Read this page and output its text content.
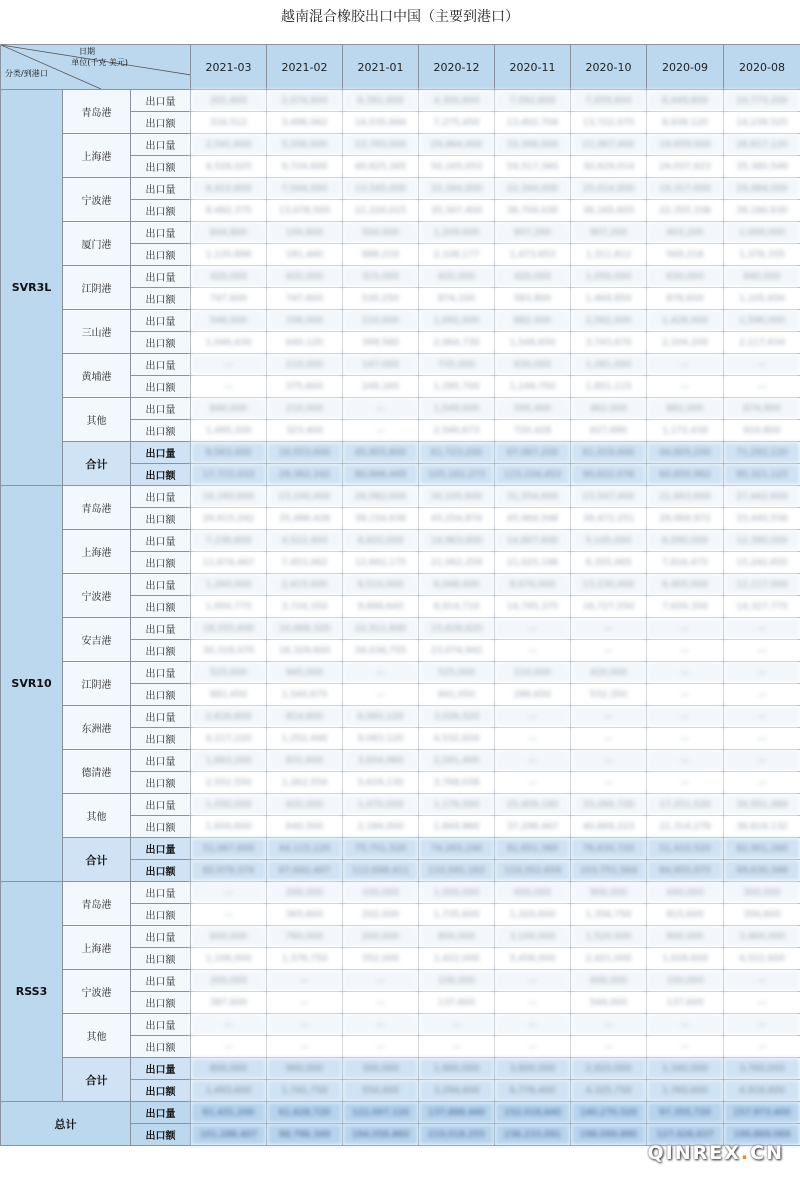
越南混合橡胶出口中国（主要到港口）
日期
单位(千克 美元)
分类/到港口			2021-03	2021-02	2021-01	2020-12	2020-11	2020-10	2020-09	2020-08
SVR3L	青岛港	出口量	201,600	2,074,600	6,391,600	4,300,600	7,092,600	7,659,600	6,449,600	10,773,200
		出口额	316,512	3,496,062	14,535,664	7,275,450	13,402,704	13,722,075	8,939,120	14,239,525
	上海港	出口量	2,541,600	5,556,000	23,793,000	29,464,000	33,306,000	21,067,000	19,659,000	26,617,120
		出口额	4,528,025	9,724,600	40,625,365	50,165,053	54,517,360	30,629,014	24,037,623	35,380,549
	宁波港	出口量	4,410,600	7,544,000	13,545,000	22,344,000	22,344,000	25,014,000	19,317,000	29,484,000
		出口额	8,482,375	13,078,505	21,220,015	35,307,400	36,709,030	36,165,655	22,355,338	39,180,630
	厦门港	出口量	604,800	100,800	504,000	1,209,600	907,200	907,200	403,200	1,008,000
		出口额	1,120,896	181,440	888,210	2,108,177	1,473,653	1,311,812	569,216	1,376,335
	江阴港	出口量	420,000	420,000	315,000	420,000	420,000	1,050,000	630,000	840,000
		出口额	747,600	747,600	530,250	874,100	583,800	1,469,850	876,650	1,105,650
	三山港	出口量	546,000	336,000	210,000	1,092,000	882,000	2,562,000	1,428,000	1,596,000
		出口额	1,046,430	640,120	399,580	2,064,730	1,548,650	3,743,670	2,104,200	2,117,634
	黄埔港	出口量	—	210,000	147,000	735,000	630,000	1,281,000	—	—
		出口额	—	375,600	249,165	1,295,700	1,149,750	1,851,115	—	—
	其他	出口量	840,000	210,000	—	1,549,600	595,400	462,000	882,000	674,800
		出口额	1,495,200	323,400	—	2,549,673	720,428	627,690	1,172,430	910,800
	合计	出口量	9,563,400	16,553,600	45,905,600	61,723,200	67,067,200	61,019,600	44,605,200	71,292,120
		出口额	17,715,033	29,362,242	80,666,449	105,162,273	115,104,453	90,622,076	60,650,962	95,321,123
SVR10	青岛港	出口量	16,160,600	23,100,000	26,082,000	30,105,600	31,554,600	23,547,000	21,663,600	27,442,600
		出口额	26,615,242	35,486,426	39,154,636	45,254,874	45,964,548	39,472,251	28,069,972	33,440,556
	上海港	出口量	7,236,600	4,522,400	8,820,000	14,963,600	14,607,600	5,145,000	6,090,000	12,390,000
		出口额	11,674,467	7,453,462	12,662,175	21,062,259	21,025,196	6,355,465	7,816,475	15,242,655
	宁波港	出口量	1,260,000	2,415,000	6,510,000	6,048,000	8,670,000	13,230,000	6,405,000	12,117,000
		出口额	1,950,775	3,724,350	9,898,645	8,914,710	14,795,375	16,727,550	7,659,350	14,327,775
	安吉港	出口量	18,555,600	10,668,320	22,911,840	15,628,620	—	—	—	—
		出口额	30,318,070	16,329,600	34,036,755	23,074,942	—	—	—	—
	江阴港	出口量	525,000	945,000	—	525,000	210,000	420,000	—	—
		出口额	881,450	1,540,675	—	841,050	286,650	532,350	—	—
	东洲港	出口量	2,616,600	814,600	6,083,120	3,026,520	—	—	—	—
		出口额	4,217,220	1,252,440	9,083,120	4,532,654	—	—	—	—
	德清港	出口量	1,663,200	831,600	3,654,960	2,591,400	—	—	—	—
		出口额	2,552,550	1,262,554	5,629,130	3,768,038	—	—	—	—
	其他	出口量	1,050,000	420,000	1,470,000	1,176,000	25,409,160	33,266,720	17,251,520	30,951,460
		出口额	1,650,600	640,500	2,184,000	1,669,860	37,298,467	40,669,223	21,314,279	36,619,132
	合计	出口量	51,067,600	44,115,120	75,751,520	74,265,240	81,651,360	76,630,720	51,410,520	82,901,260
		出口额	82,079,374	67,692,407	112,698,411	110,591,162	119,352,659	103,751,564	64,955,075	99,630,346
RSS3	青岛港	出口量	—	200,000	100,000	1,000,000	600,000	900,000	440,000	300,000
		出口额	—	365,600	202,000	1,735,600	1,320,600	1,356,750	815,600	356,600
	上海港	出口量	600,000	760,000	200,000	800,000	3,100,000	1,520,000	900,000	3,460,000
		出口额	1,106,000	1,376,750	352,000	1,422,000	5,456,000	2,421,000	1,028,600	4,522,600
	宁波港	出口量	200,000	—	—	100,000	—	400,000	100,000	—
		出口额	387,600	—	—	137,600	—	544,000	137,600	—
	其他	出口量	—	—	—	—	—	—	—	—
		出口额	—	—	—	—	—	—	—	—
	合计	出口量	800,000	960,000	300,000	1,900,000	3,600,000	2,820,000	1,340,000	3,760,000
		出口额	1,493,600	1,741,750	554,000	3,294,600	6,776,400	4,325,750	1,760,600	4,918,600
总计		出口量	61,431,200	61,628,720	122,007,120	137,888,440	152,018,640	140,270,520	97,355,720	157,973,400
		出口额	101,286,407	98,796,349	194,058,860	219,018,255	236,233,091	198,099,890	127,426,637	199,869,069
QINREX.CN
